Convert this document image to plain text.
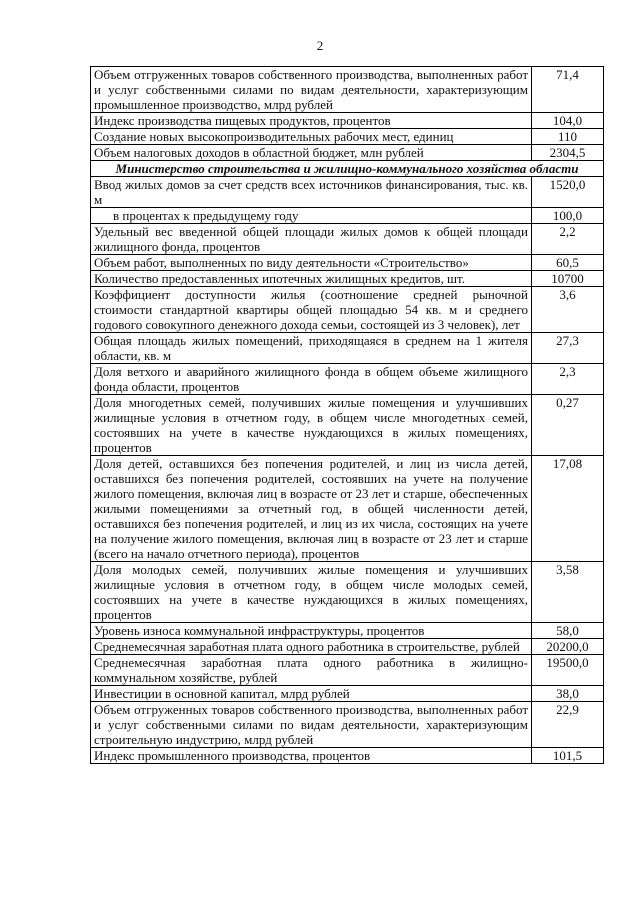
2
Объем отгруженных товаров собственного производства, выполненных работ и услуг собственными силами по видам деятельности, характеризующим промышленное производство, млрд рублей	71,4
Индекс производства пищевых продуктов, процентов	104,0
Создание новых высокопроизводительных рабочих мест, единиц	110
Объем налоговых доходов в областной бюджет, млн рублей	2304,5
Министерство строительства и жилищно-коммунального хозяйства области	
Ввод жилых домов за счет средств всех источников финансирования, тыс. кв. м	1520,0
в процентах к предыдущему году	100,0
Удельный вес введенной общей площади жилых домов к общей площади жилищного фонда, процентов	2,2
Объем работ, выполненных по виду деятельности «Строительство»	60,5
Количество предоставленных ипотечных жилищных кредитов, шт.	10700
Коэффициент доступности жилья (соотношение средней рыночной стоимости стандартной квартиры общей площадью 54 кв. м и среднего годового совокупного денежного дохода семьи, состоящей из 3 человек), лет	3,6
Общая площадь жилых помещений, приходящаяся в среднем на 1 жителя области, кв. м	27,3
Доля ветхого и аварийного жилищного фонда в общем объеме жилищного фонда области, процентов	2,3
Доля многодетных семей, получивших жилые помещения и улучшивших жилищные условия в отчетном году, в общем числе многодетных семей, состоявших на учете в качестве нуждающихся в жилых помещениях, процентов	0,27
Доля детей, оставшихся без попечения родителей, и лиц из числа детей, оставшихся без попечения родителей, состоявших на учете на получение жилого помещения, включая лиц в возрасте от 23 лет и старше, обеспеченных жилыми помещениями за отчетный год, в общей численности детей, оставшихся без попечения родителей, и лиц из их числа, состоящих на учете на получение жилого помещения, включая лиц в возрасте от 23 лет и старше (всего на начало отчетного периода), процентов	17,08
Доля молодых семей, получивших жилые помещения и улучшивших жилищные условия в отчетном году, в общем числе молодых семей, состоявших на учете в качестве нуждающихся в жилых помещениях, процентов	3,58
Уровень износа коммунальной инфраструктуры, процентов	58,0
Среднемесячная заработная плата одного работника в строительстве, рублей	20200,0
Среднемесячная заработная плата одного работника в жилищно-коммунальном хозяйстве, рублей	19500,0
Инвестиции в основной капитал, млрд рублей	38,0
Объем отгруженных товаров собственного производства, выполненных работ и услуг собственными силами по видам деятельности, характеризующим строительную индустрию, млрд рублей	22,9
Индекс промышленного производства, процентов	101,5
